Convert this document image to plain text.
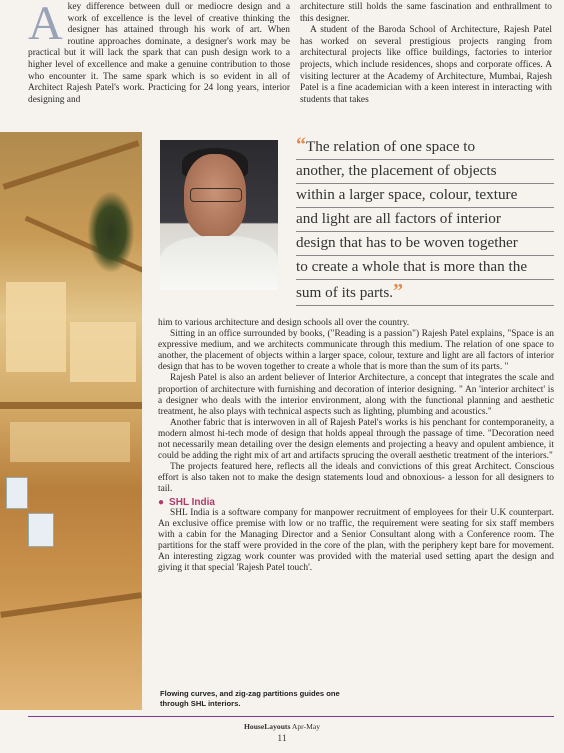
A key difference between dull or mediocre design and a work of excellence is the level of creative thinking the designer has attained through his work of art. When routine approaches dominate, a designer's work may be practical but it will lack the spark that can push design work to a higher level of excellence and make a genuine contribution to those who encounter it. The same spark which is so evident in all of Architect Rajesh Patel's work. Practicing for 24 long years, interior designing and

architecture still holds the same fascination and enthrallment to this designer.

A student of the Baroda School of Architecture, Rajesh Patel has worked on several prestigious projects ranging from architectural projects like office buildings, factories to interior projects, which include residences, shops and corporate offices. A visiting lecturer at the Academy of Architecture, Mumbai, Rajesh Patel is a fine academician with a keen interest in interacting with students that takes

“The relation of one space to
another, the placement of objects
within a larger space, colour, texture
and light are all factors of interior
design that has to be woven together
to create a whole that is more than the
sum of its parts.”

him to various architecture and design schools all over the country.

Sitting in an office surrounded by books, ("Reading is a passion") Rajesh Patel explains, "Space is an expressive medium, and we architects communicate through this medium. The relation of one space to another, the placement of objects within a larger space, colour, texture and light are all factors of interior design that has to be woven together to create a whole that is more than the sum of its parts. "

Rajesh Patel is also an ardent believer of Interior Architecture, a concept that integrates the scale and proportion of architecture with furnishing and decoration of interior designing. " An 'interior architect' is a designer who deals with the interior environment, along with the functional planning and aesthetic treatment, he also plays with technical aspects such as lighting, plumbing and acoustics."

Another fabric that is interwoven in all of Rajesh Patel's works is his penchant for contemporaneity, a modern almost hi-tech mode of design that holds appeal through the passage of time. "Decoration need not necessarily mean detailing over the design elements and projecting a heavy and opulent ambience, it could be adding the right mix of art and artifacts sprucing the overall aesthetic treatment of the interiors."

The projects featured here, reflects all the ideals and convictions of this great Architect. Conscious effort is also taken not to make the design statements loud and obnoxious- a lesson for all designers to tail.

● SHL India

SHL India is a software company for manpower recruitment of employees for their U.K counterpart. An exclusive office premise with low or no traffic, the requirement were seating for six staff members with a cabin for the Managing Director and a Senior Consultant along with a Conference room. The partitions for the staff were provided in the core of the plan, with the periphery kept bare for movement. An interesting zigzag work counter was provided with the material used setting apart the design and giving it that special 'Rajesh Patel touch'.

Flowing curves, and zig-zag partitions guides one through SHL interiors.
HouseLayouts Apr-May
11
